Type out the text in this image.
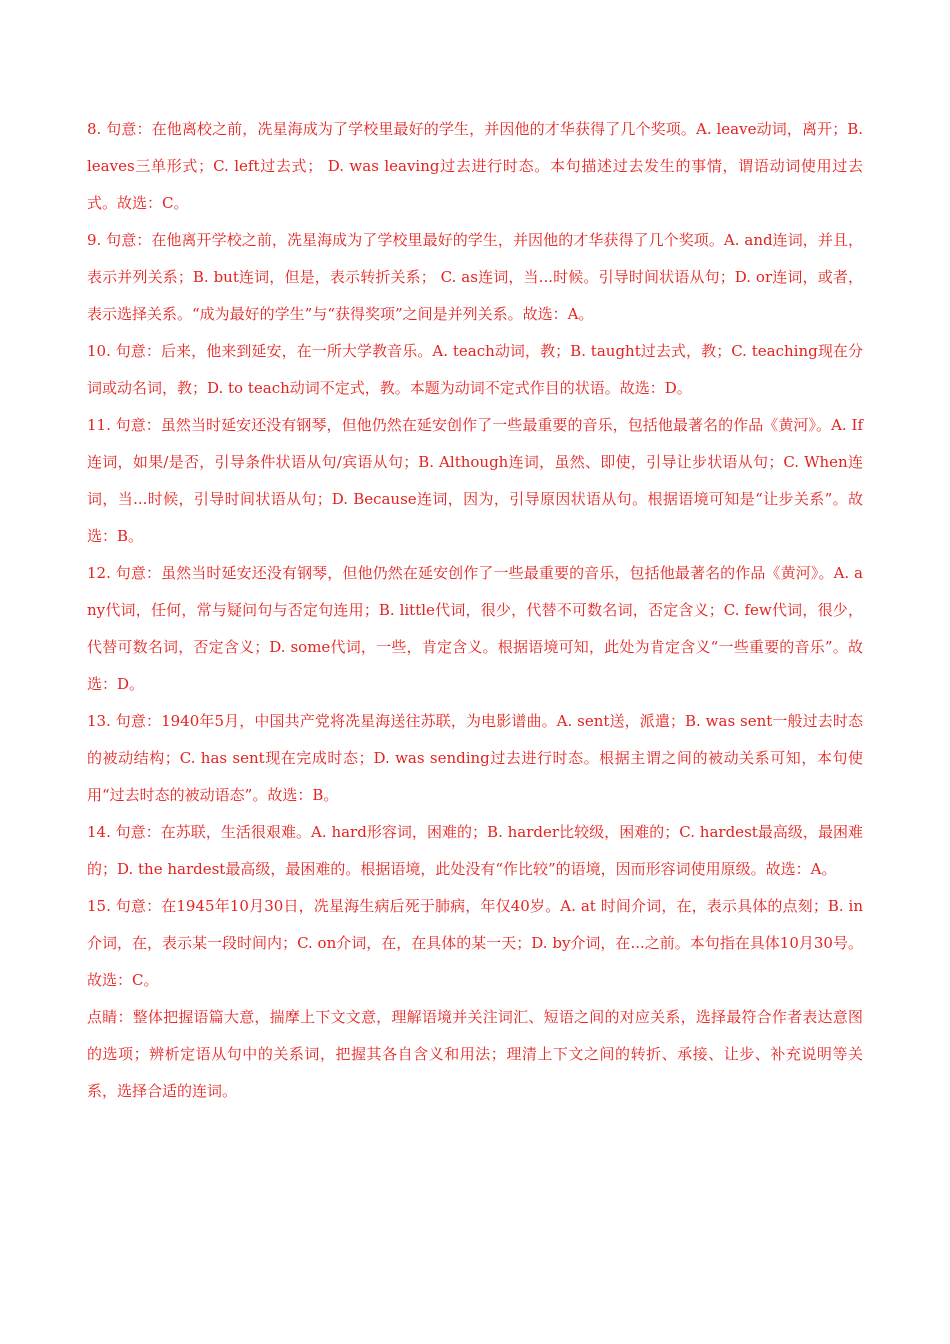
8. 句意：在他离校之前，冼星海成为了学校里最好的学生，并因他的才华获得了几个奖项。A. leave动词，离开；B. leaves三单形式；C. left过去式； D. was leaving过去进行时态。本句描述过去发生的事情，谓语动词使用过去式。故选：C。

9. 句意：在他离开学校之前，冼星海成为了学校里最好的学生，并因他的才华获得了几个奖项。A. and连词，并且，表示并列关系；B. but连词，但是，表示转折关系； C. as连词，当...时候。引导时间状语从句；D. or连词，或者，表示选择关系。“成为最好的学生”与“获得奖项”之间是并列关系。故选：A。

10. 句意：后来，他来到延安，在一所大学教音乐。A. teach动词，教；B. taught过去式，教；C. teaching现在分词或动名词，教；D. to teach动词不定式，教。本题为动词不定式作目的状语。故选：D。

11. 句意：虽然当时延安还没有钢琴，但他仍然在延安创作了一些最重要的音乐，包括他最著名的作品《黄河》。A. If 连词，如果/是否，引导条件状语从句/宾语从句；B. Although连词，虽然、即使，引导让步状语从句；C. When连词，当...时候，引导时间状语从句；D. Because连词，因为，引导原因状语从句。根据语境可知是“让步关系”。故选：B。

12. 句意：虽然当时延安还没有钢琴，但他仍然在延安创作了一些最重要的音乐，包括他最著名的作品《黄河》。A. any代词，任何，常与疑问句与否定句连用；B. little代词，很少，代替不可数名词，否定含义；C. few代词，很少，代替可数名词，否定含义；D. some代词，一些，肯定含义。根据语境可知，此处为肯定含义“一些重要的音乐”。故选：D。

13. 句意：1940年5月，中国共产党将冼星海送往苏联，为电影谱曲。A. sent送，派遣；B. was sent一般过去时态的被动结构；C. has sent现在完成时态；D. was sending过去进行时态。根据主谓之间的被动关系可知，本句使用“过去时态的被动语态”。故选：B。

14. 句意：在苏联，生活很艰难。A. hard形容词，困难的；B. harder比较级，困难的；C. hardest最高级，最困难的；D. the hardest最高级，最困难的。根据语境，此处没有“作比较”的语境，因而形容词使用原级。故选：A。

15. 句意：在1945年10月30日，冼星海生病后死于肺病，年仅40岁。A. at 时间介词，在，表示具体的点刻；B. in介词，在，表示某一段时间内；C. on介词，在，在具体的某一天；D. by介词，在...之前。本句指在具体10月30号。故选：C。

点睛：整体把握语篇大意，揣摩上下文文意，理解语境并关注词汇、短语之间的对应关系，选择最符合作者表达意图的选项；辨析定语从句中的关系词，把握其各自含义和用法；理清上下文之间的转折、承接、让步、补充说明等关系，选择合适的连词。
